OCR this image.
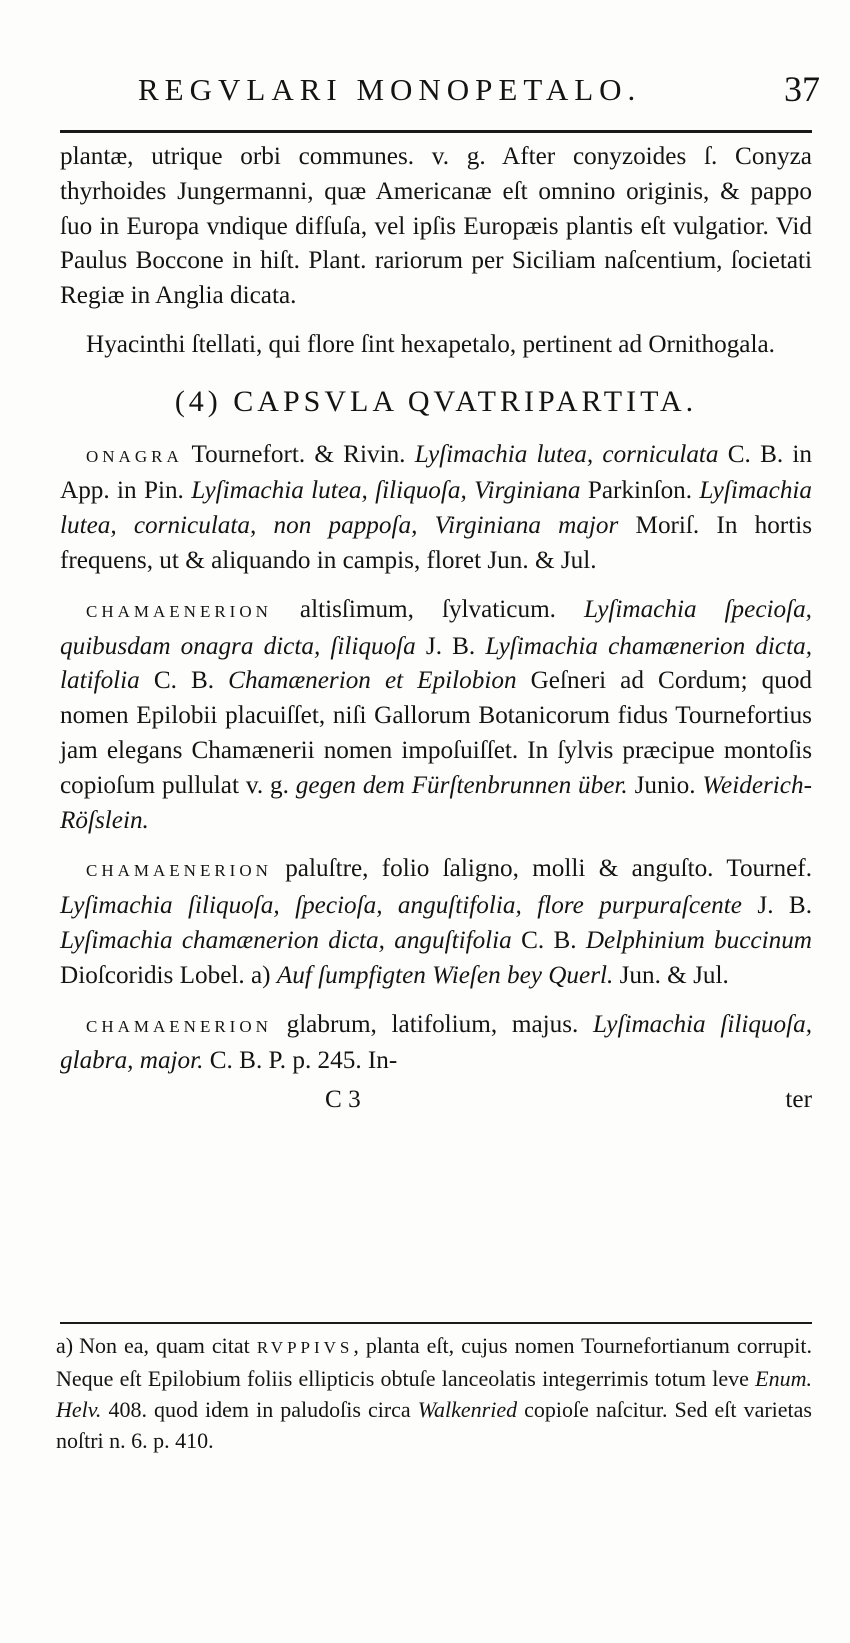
REGVLARI MONOPETALO.	37

plantæ, utrique orbi communes. v. g. After conyzoides ſ. Conyza thyrhoides Jungermanni, quæ Americanæ eſt omnino originis, & pappo ſuo in Europa vndique difſuſa, vel ipſis Europæis plantis eſt vulgatior. Vid Paulus Boccone in hiſt. Plant. rariorum per Siciliam naſcentium, ſocietati Regiæ in Anglia dicata.

Hyacinthi ſtellati, qui flore ſint hexapetalo, pertinent ad Ornithogala.

(4) CAPSVLA QVATRIPARTITA.

ONAGRA Tournefort. & Rivin. Lyſimachia lutea, corniculata C. B. in App. in Pin. Lyſimachia lutea, ſiliquoſa, Virginiana Parkinſon. Lyſimachia lutea, corniculata, non pappoſa, Virginiana major Moriſ. In hortis frequens, ut & aliquando in campis, floret Jun. & Jul.

CHAMAENERION altisſimum, ſylvaticum. Lyſimachia ſpecioſa, quibusdam onagra dicta, ſiliquoſa J. B. Lyſimachia chamænerion dicta, latifolia C. B. Chamænerion et Epilobion Geſneri ad Cordum; quod nomen Epilobii placuiſſet, niſi Gallorum Botanicorum fidus Tournefortius jam elegans Chamænerii nomen impoſuiſſet. In ſylvis præcipue montoſis copioſum pullulat v. g. gegen dem Fürſtenbrunnen über. Junio. Weiderich-Röſslein.

CHAMAENERION paluſtre, folio ſaligno, molli & anguſto. Tournef. Lyſimachia ſiliquoſa, ſpecioſa, anguſtifolia, flore purpuraſcente J. B. Lyſimachia chamænerion dicta, anguſtifolia C. B. Delphinium buccinum Dioſcoridis Lobel. a) Auf ſumpfigten Wieſen bey Querl. Jun. & Jul.

CHAMAENERION glabrum, latifolium, majus. Lyſimachia ſiliquoſa, glabra, major. C. B. P. p. 245. In-

C 3	ter

a) Non ea, quam citat RVPPIVS, planta eſt, cujus nomen Tournefortianum corrupit. Neque eſt Epilobium foliis ellipticis obtuſe lanceolatis integerrimis totum leve Enum. Helv. 408. quod idem in paludoſis circa Walkenried copioſe naſcitur. Sed eſt varietas noſtri n. 6. p. 410.
